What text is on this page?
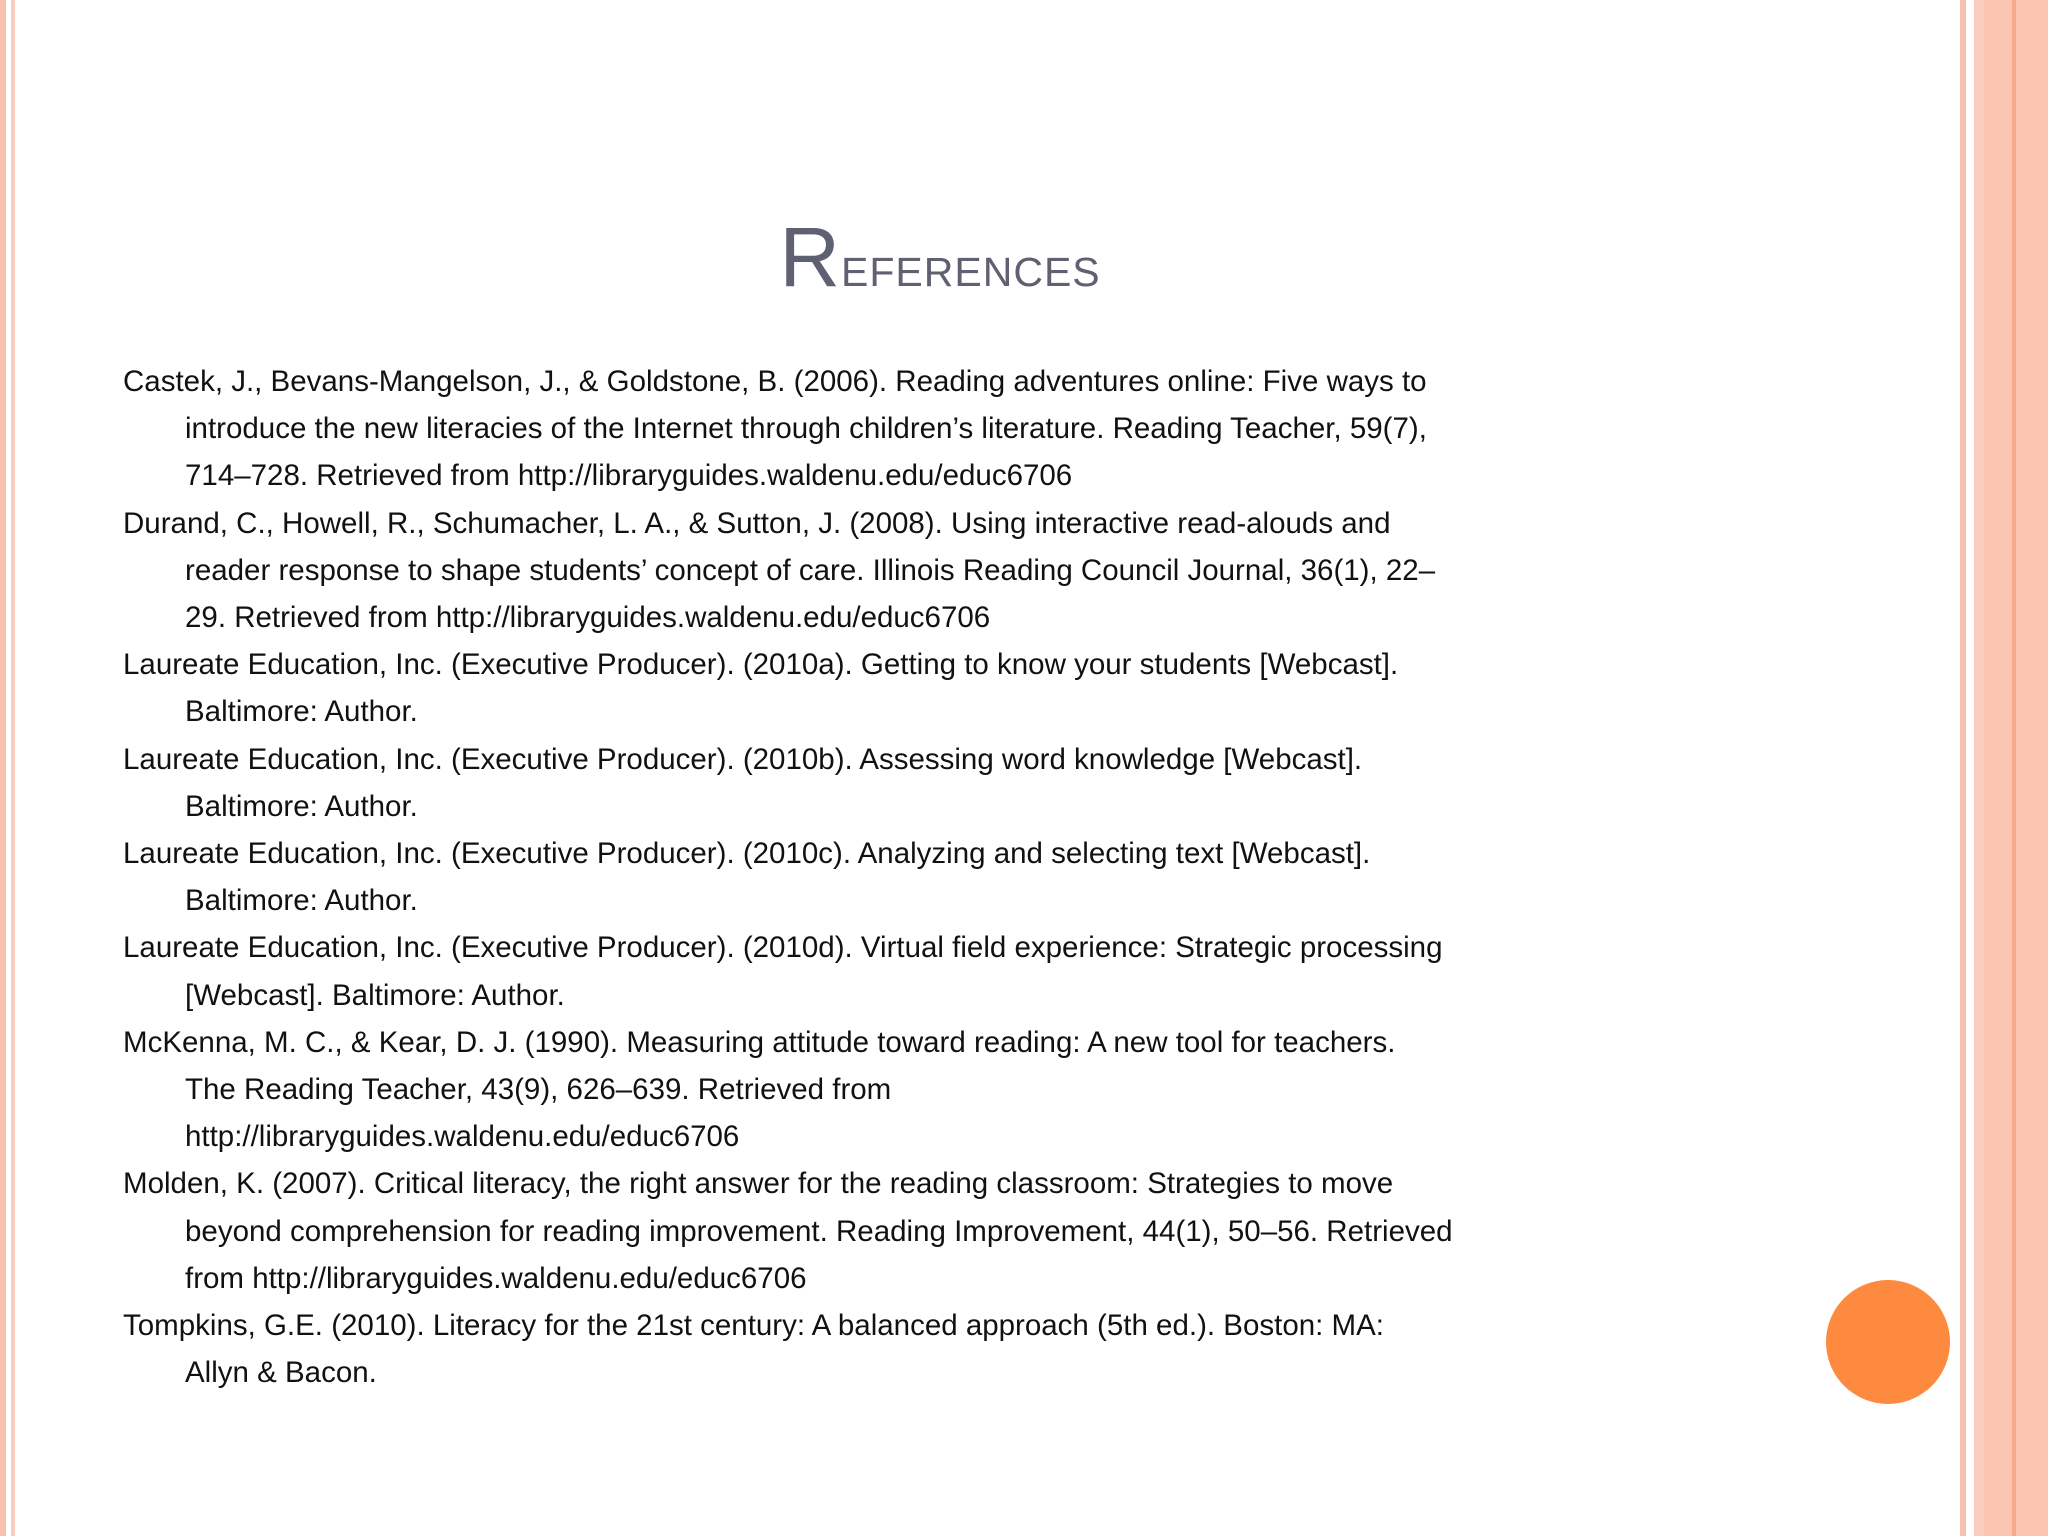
References
Castek, J., Bevans-Mangelson, J., & Goldstone, B. (2006). Reading adventures online: Five ways to introduce the new literacies of the Internet through children’s literature. Reading Teacher, 59(7), 714–728. Retrieved from http://libraryguides.waldenu.edu/educ6706
Durand, C., Howell, R., Schumacher, L. A., & Sutton, J. (2008). Using interactive read-alouds and reader response to shape students’ concept of care. Illinois Reading Council Journal, 36(1), 22–29. Retrieved from http://libraryguides.waldenu.edu/educ6706
Laureate Education, Inc. (Executive Producer). (2010a). Getting to know your students [Webcast]. Baltimore: Author.
Laureate Education, Inc. (Executive Producer). (2010b). Assessing word knowledge [Webcast]. Baltimore: Author.
Laureate Education, Inc. (Executive Producer). (2010c). Analyzing and selecting text [Webcast]. Baltimore: Author.
Laureate Education, Inc. (Executive Producer). (2010d). Virtual field experience: Strategic processing [Webcast]. Baltimore: Author.
McKenna, M. C., & Kear, D. J. (1990). Measuring attitude toward reading: A new tool for teachers. The Reading Teacher, 43(9), 626–639. Retrieved from http://libraryguides.waldenu.edu/educ6706
Molden, K. (2007). Critical literacy, the right answer for the reading classroom: Strategies to move beyond comprehension for reading improvement. Reading Improvement, 44(1), 50–56. Retrieved from http://libraryguides.waldenu.edu/educ6706
Tompkins, G.E. (2010). Literacy for the 21st century: A balanced approach (5th ed.). Boston: MA: Allyn & Bacon.
